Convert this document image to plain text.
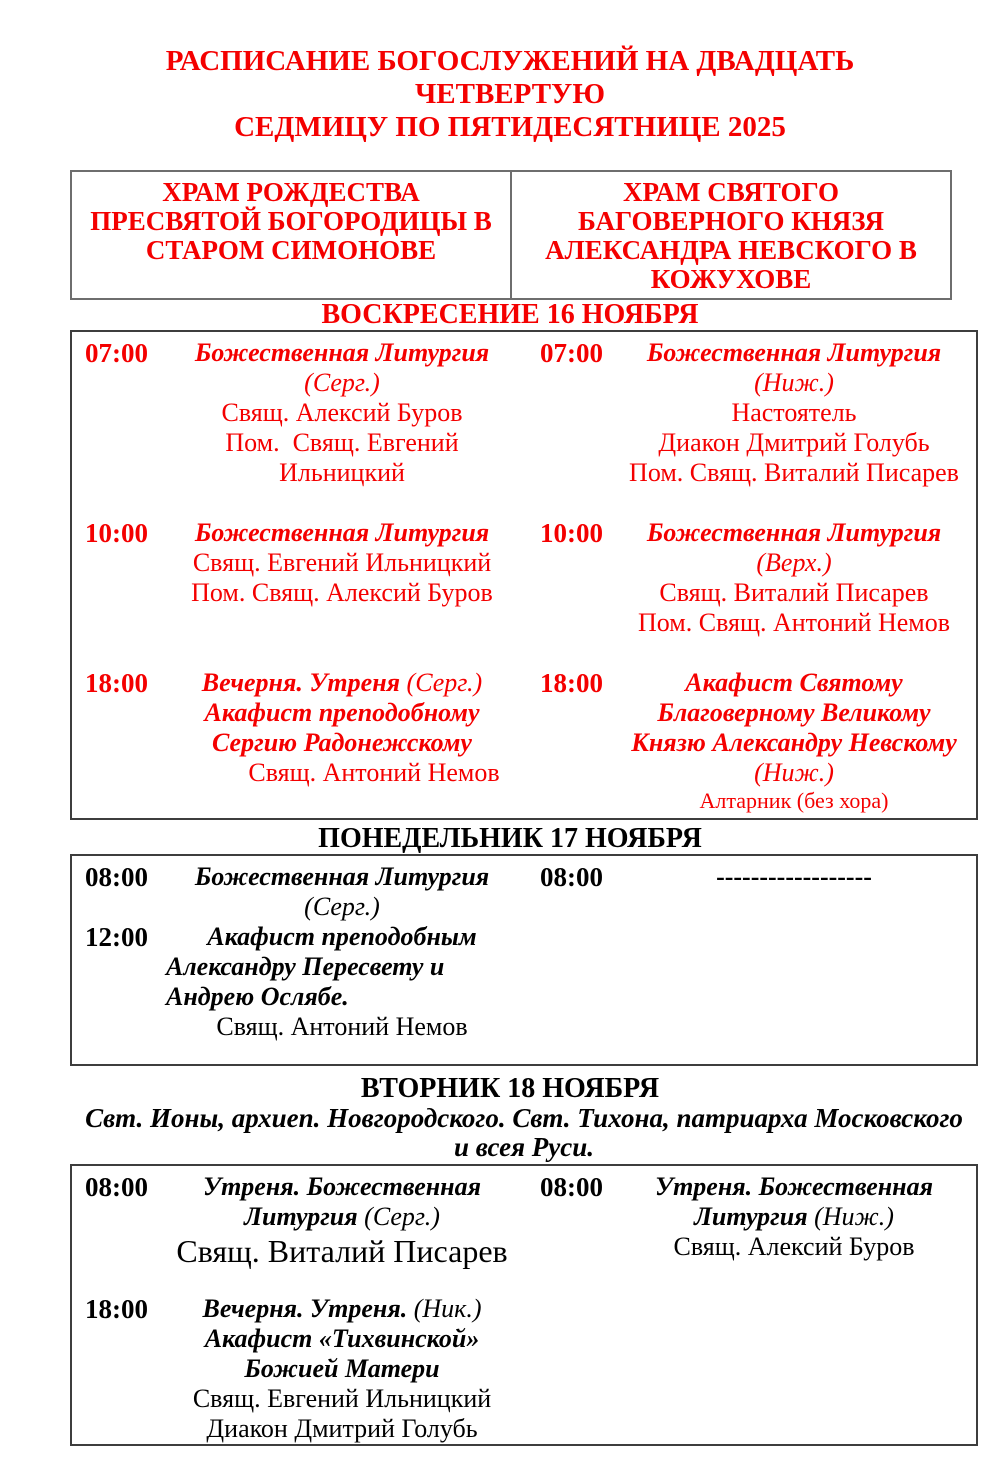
РАСПИСАНИЕ БОГОСЛУЖЕНИЙ НА ДВАДЦАТЬ ЧЕТВЕРТУЮ
СЕДМИЦУ ПО ПЯТИДЕСЯТНИЦЕ 2025
ХРАМ РОЖДЕСТВА
ПРЕСВЯТОЙ БОГОРОДИЦЫ В
СТАРОМ СИМОНОВЕ
ХРАМ СВЯТОГО
БАГОВЕРНОГО КНЯЗЯ
АЛЕКСАНДРА НЕВСКОГО В
КОЖУХОВЕ
ВОСКРЕСЕНИЕ 16 НОЯБРЯ
07:00	Божественная Литургия
(Серг.)
Свящ. Алексий Буров
Пом.  Свящ. Евгений
Ильницкий
07:00	Божественная Литургия
(Ниж.)
Настоятель
Диакон Дмитрий Голубь
Пом. Свящ. Виталий Писарев
10:00	Божественная Литургия
Свящ. Евгений Ильницкий
Пом. Свящ. Алексий Буров
10:00	Божественная Литургия
(Верх.)
Свящ. Виталий Писарев
Пом. Свящ. Антоний Немов
18:00	Вечерня. Утреня (Серг.)
Акафист преподобному
Сергию Радонежскому
Свящ. Антоний Немов
18:00	Акафист Святому
Благоверному Великому
Князю Александру Невскому
(Ниж.)
Алтарник (без хора)
ПОНЕДЕЛЬНИК 17 НОЯБРЯ
08:00	Божественная Литургия
(Серг.)
08:00	------------------
12:00	Акафист преподобным
Александру Пересвету и
Андрею Ослябе.
Свящ. Антоний Немов
ВТОРНИК 18 НОЯБРЯ
Свт. Ионы, архиеп. Новгородского. Свт. Тихона, патриарха Московского
и всея Руси.
08:00	Утреня. Божественная
Литургия (Серг.)
Свящ. Виталий Писарев
08:00	Утреня. Божественная
Литургия (Ниж.)
Свящ. Алексий Буров
18:00	Вечерня. Утреня. (Ник.)
Акафист «Тихвинской»
Божией Матери
Свящ. Евгений Ильницкий
Диакон Дмитрий Голубь
